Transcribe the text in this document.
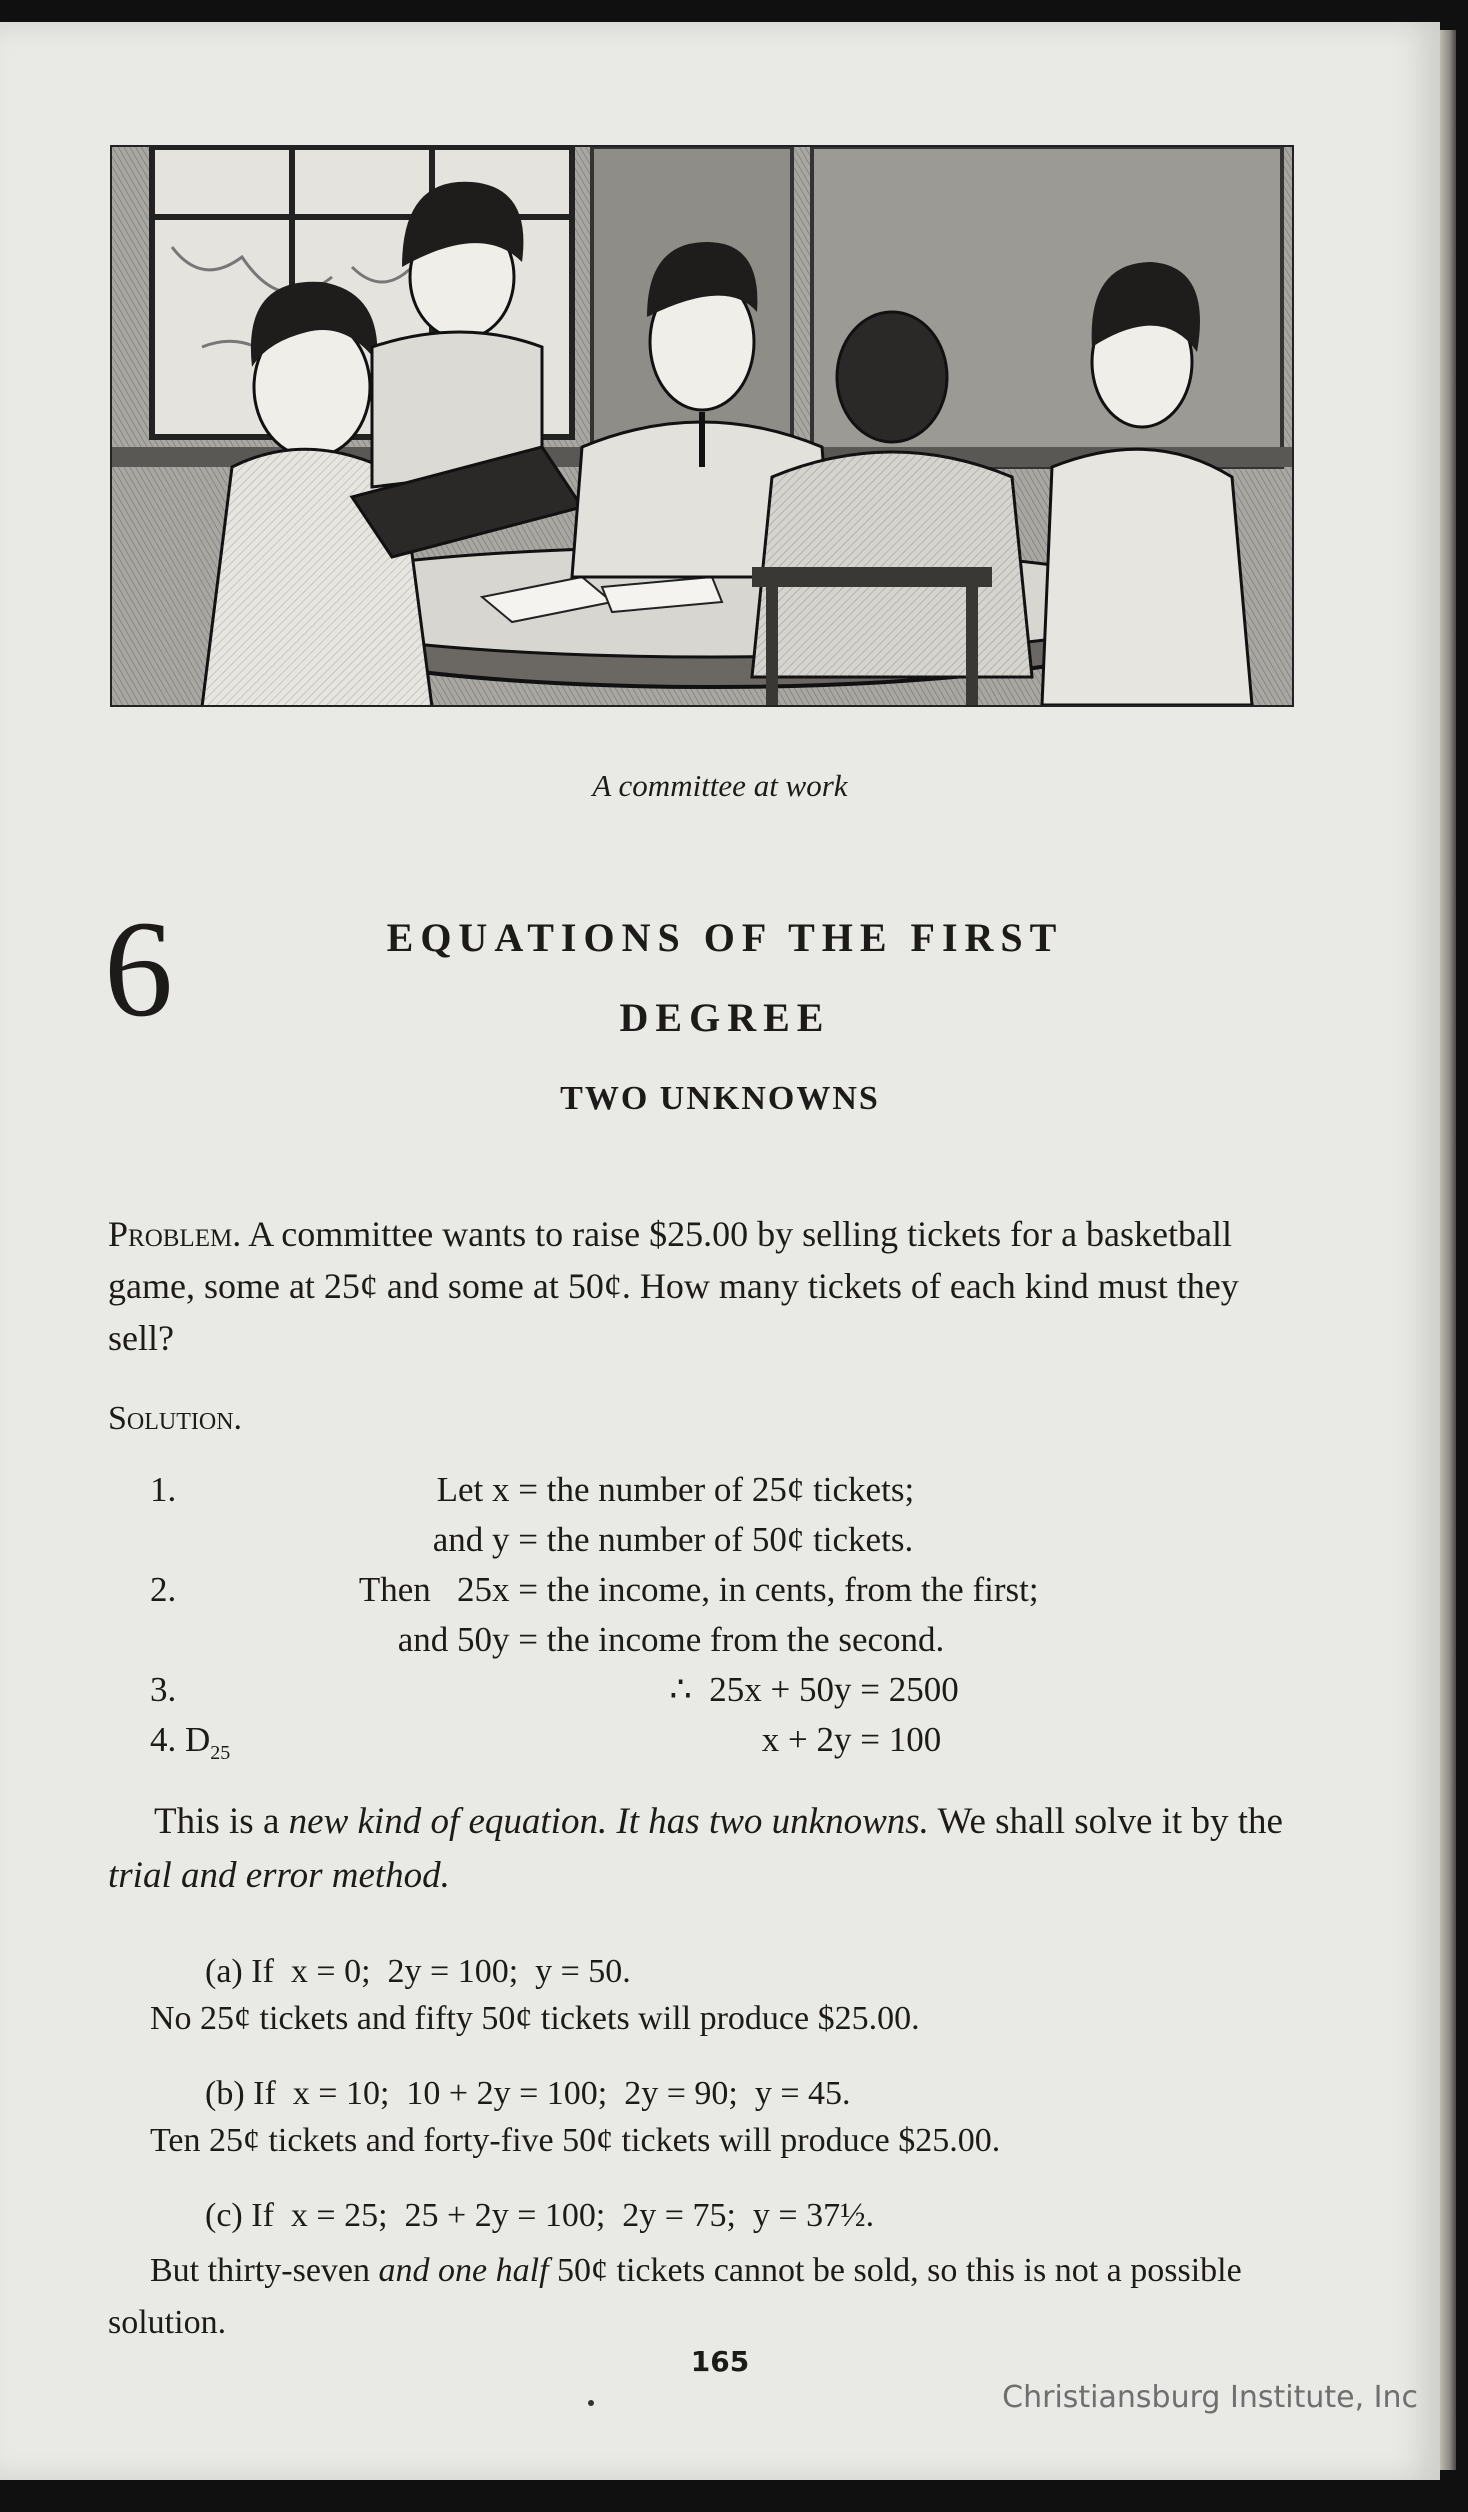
A committee at work
6	EQUATIONS OF THE FIRST
DEGREE
TWO UNKNOWNS
Problem. A committee wants to raise $25.00 by selling tickets for a basketball game, some at 25¢ and some at 50¢. How many tickets of each kind must they sell?
Solution.
1.	Let x = the number of 25¢ tickets;
and y = the number of 50¢ tickets.
2.	Then   25x = the income, in cents, from the first;
and 50y = the income from the second.
3.	∴  25x + 50y = 2500
4. $D_{25}$	x + 2y = 100
This is a new kind of equation. It has two unknowns. We shall solve it by the trial and error method.
(a) If  x = 0;  2y = 100;  y = 50.
No 25¢ tickets and fifty 50¢ tickets will produce $25.00.
(b) If  x = 10;  10 + 2y = 100;  2y = 90;  y = 45.
Ten 25¢ tickets and forty-five 50¢ tickets will produce $25.00.
(c) If  x = 25;  25 + 2y = 100;  2y = 75;  y = 37½.
But thirty-seven and one half 50¢ tickets cannot be sold, so this is not a possible solution.
165
Christiansburg Institute, Inc
